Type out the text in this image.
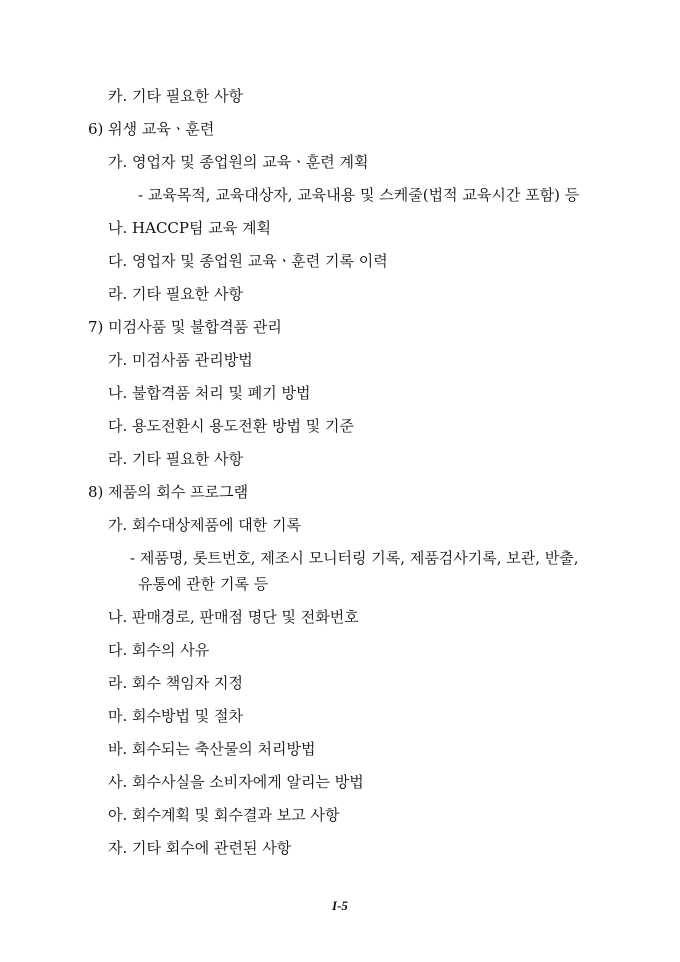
카. 기타 필요한 사항
6) 위생 교육ㆍ훈련
가. 영업자 및 종업원의 교육ㆍ훈련 계획
- 교육목적, 교육대상자, 교육내용 및 스케줄(법적 교육시간 포함) 등
나. HACCP팀 교육 계획
다. 영업자 및 종업원 교육ㆍ훈련 기록 이력
라. 기타 필요한 사항
7) 미검사품 및 불합격품 관리
가. 미검사품 관리방법
나. 불합격품 처리 및 폐기 방법
다. 용도전환시 용도전환 방법 및 기준
라. 기타 필요한 사항
8) 제품의 회수 프로그램
가. 회수대상제품에 대한 기록
- 제품명, 롯트번호, 제조시 모니터링 기록, 제품검사기록, 보관, 반출,
유통에 관한 기록 등
나. 판매경로, 판매점 명단 및 전화번호
다. 회수의 사유
라. 회수 책임자 지정
마. 회수방법 및 절차
바. 회수되는 축산물의 처리방법
사. 회수사실을 소비자에게 알리는 방법
아. 회수계획 및 회수결과 보고 사항
자. 기타 회수에 관련된 사항
I-5
